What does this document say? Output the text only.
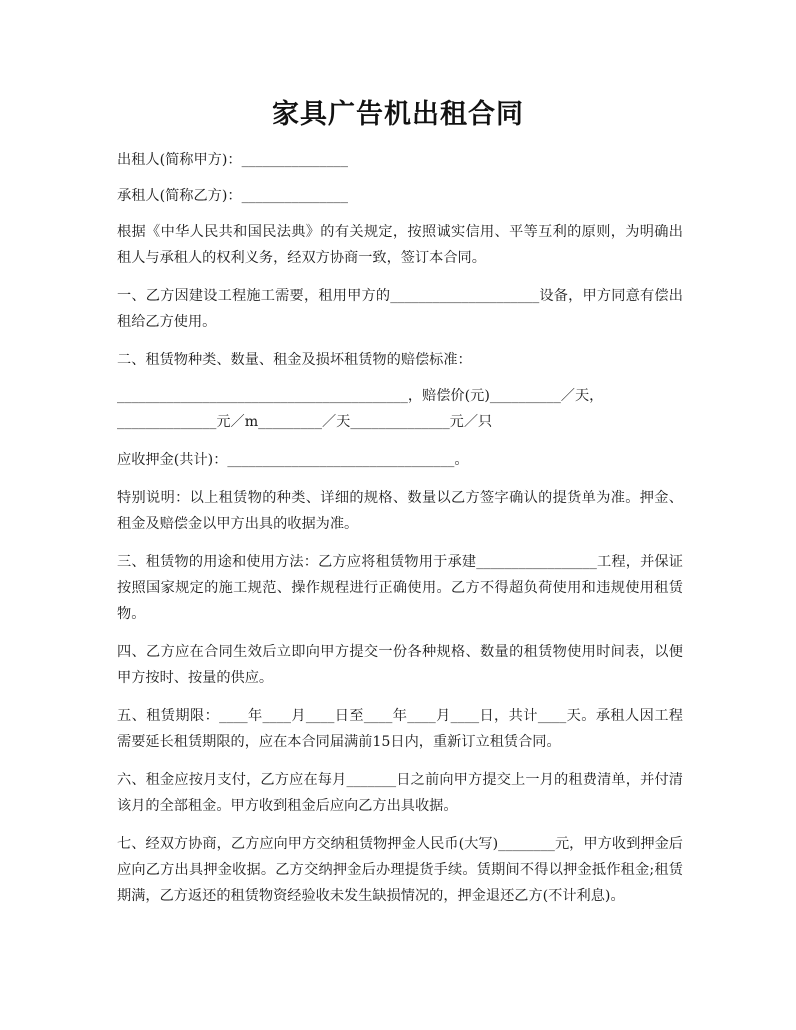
家具广告机出租合同

出租人(简称甲方)：_______________

承租人(简称乙方)：_______________

根据《中华人民共和国民法典》的有关规定，按照诚实信用、平等互利的原则，为明确出租人与承租人的权利义务，经双方协商一致，签订本合同。

一、乙方因建设工程施工需要，租用甲方的_____________________设备，甲方同意有偿出租给乙方使用。

二、租赁物种类、数量、租金及损坏租赁物的赔偿标准：

_________________________________________，赔偿价(元)__________／天，
______________元／m_________／天______________元／只

应收押金(共计)：________________________________。

特别说明：以上租赁物的种类、详细的规格、数量以乙方签字确认的提货单为准。押金、租金及赔偿金以甲方出具的收据为准。

三、租赁物的用途和使用方法：乙方应将租赁物用于承建_________________工程，并保证按照国家规定的施工规范、操作规程进行正确使用。乙方不得超负荷使用和违规使用租赁物。

四、乙方应在合同生效后立即向甲方提交一份各种规格、数量的租赁物使用时间表，以便甲方按时、按量的供应。

五、租赁期限：____年____月____日至____年____月____日，共计____天。承租人因工程需要延长租赁期限的，应在本合同届满前15日内，重新订立租赁合同。

六、租金应按月支付，乙方应在每月_______日之前向甲方提交上一月的租费清单，并付清该月的全部租金。甲方收到租金后应向乙方出具收据。

七、经双方协商，乙方应向甲方交纳租赁物押金人民币(大写)________元，甲方收到押金后应向乙方出具押金收据。乙方交纳押金后办理提货手续。赁期间不得以押金抵作租金;租赁期满，乙方返还的租赁物资经验收未发生缺损情况的，押金退还乙方(不计利息)。
